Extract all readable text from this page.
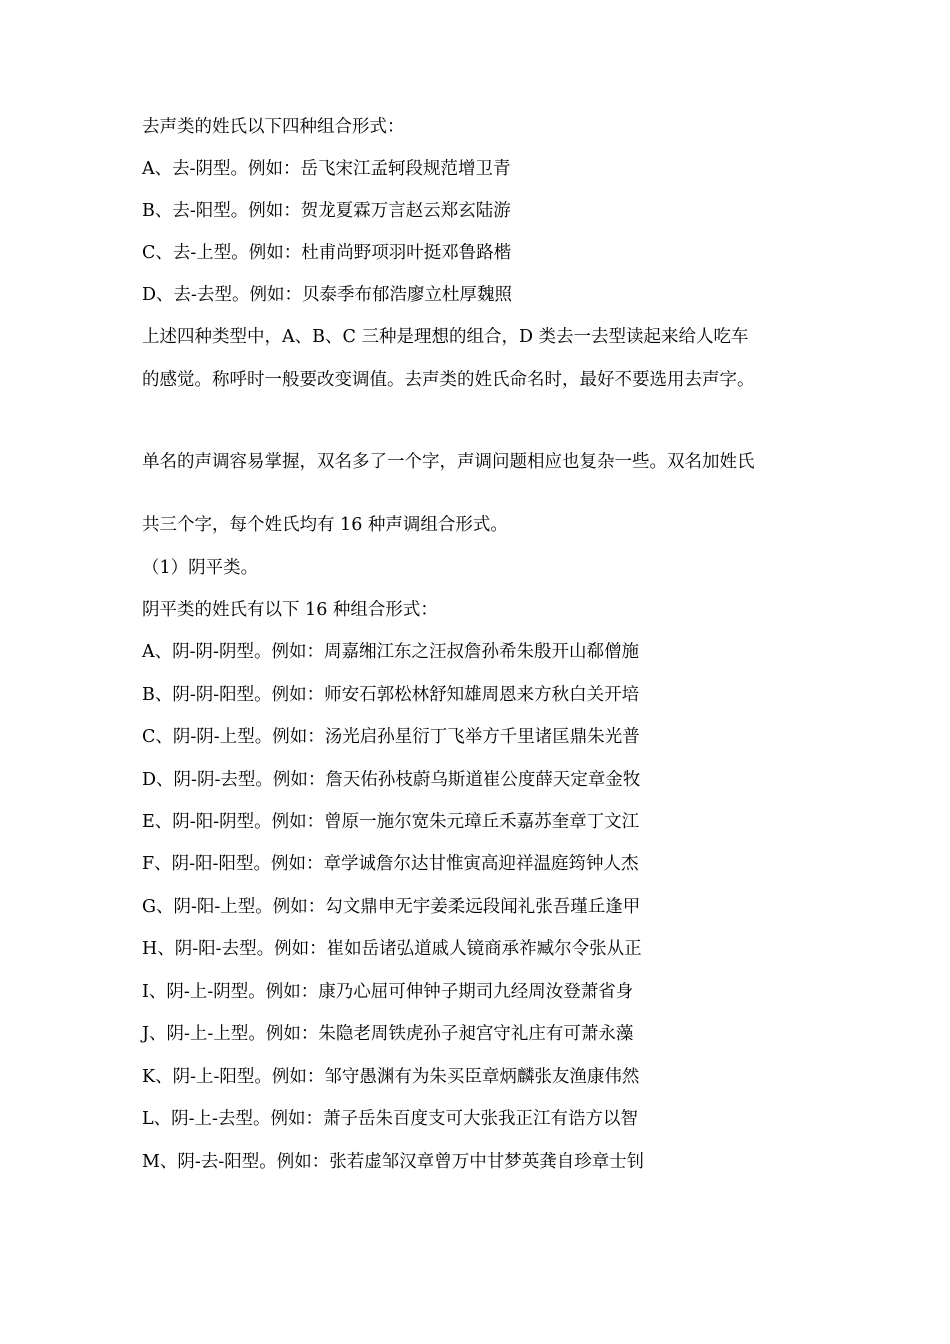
去声类的姓氏以下四种组合形式：
A、去-阴型。例如：岳飞宋江孟轲段规范增卫青
B、去-阳型。例如：贺龙夏霖万言赵云郑玄陆游
C、去-上型。例如：杜甫尚野项羽叶挺邓鲁路楷
D、去-去型。例如：贝泰季布郁浩廖立杜厚魏照
上述四种类型中，A、B、C 三种是理想的组合，D 类去一去型读起来给人吃车
的感觉。称呼时一般要改变调值。去声类的姓氏命名时，最好不要选用去声字。
单名的声调容易掌握，双名多了一个字，声调问题相应也复杂一些。双名加姓氏
共三个字，每个姓氏均有 16 种声调组合形式。
（1）阴平类。
阴平类的姓氏有以下 16 种组合形式：
A、阴-阴-阴型。例如：周嘉缃江东之汪叔詹孙希朱殷开山郗僧施
B、阴-阴-阳型。例如：师安石郭松林舒知雄周恩来方秋白关开培
C、阴-阴-上型。例如：汤光启孙星衍丁飞举方千里诸匡鼎朱光普
D、阴-阴-去型。例如：詹天佑孙枝蔚乌斯道崔公度薛天定章金牧
E、阴-阳-阴型。例如：曾原一施尔宽朱元璋丘禾嘉苏奎章丁文江
F、阴-阳-阳型。例如：章学诚詹尔达甘惟寅高迎祥温庭筠钟人杰
G、阴-阳-上型。例如：勾文鼎申无宇姜柔远段闻礼张吾瑾丘逢甲
H、阴-阳-去型。例如：崔如岳诸弘道戚人镜商承祚臧尔令张从正
I、阴-上-阴型。例如：康乃心屈可伸钟子期司九经周汝登萧省身
J、阴-上-上型。例如：朱隐老周铁虎孙子昶宫守礼庄有可萧永藻
K、阴-上-阳型。例如：邹守愚渊有为朱买臣章炳麟张友渔康伟然
L、阴-上-去型。例如：萧子岳朱百度支可大张我正江有诰方以智
M、阴-去-阳型。例如：张若虚邹汉章曾万中甘梦英龚自珍章士钊
